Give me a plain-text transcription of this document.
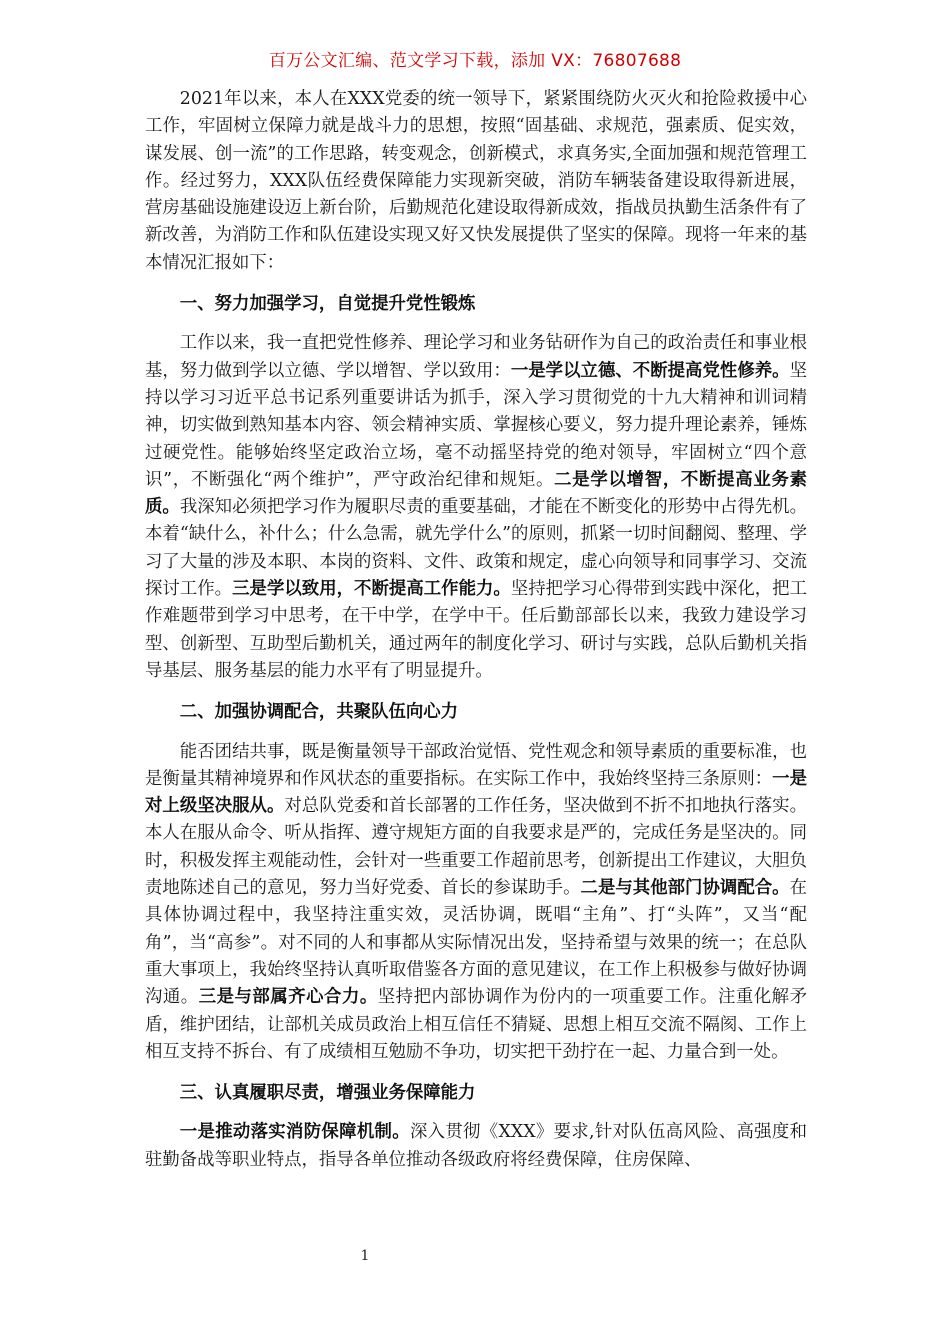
百万公文汇编、范文学习下载，添加 VX：76807688

2021年以来，本人在XXX党委的统一领导下，紧紧围绕防火灭火和抢险救援中心工作，牢固树立保障力就是战斗力的思想，按照“固基础、求规范，强素质、促实效，谋发展、创一流”的工作思路，转变观念，创新模式，求真务实,全面加强和规范管理工作。经过努力，XXX队伍经费保障能力实现新突破，消防车辆装备建设取得新进展，营房基础设施建设迈上新台阶，后勤规范化建设取得新成效，指战员执勤生活条件有了新改善，为消防工作和队伍建设实现又好又快发展提供了坚实的保障。现将一年来的基本情况汇报如下：

一、努力加强学习，自觉提升党性锻炼

工作以来，我一直把党性修养、理论学习和业务钻研作为自己的政治责任和事业根基，努力做到学以立德、学以增智、学以致用：一是学以立德、不断提高党性修养。坚持以学习习近平总书记系列重要讲话为抓手，深入学习贯彻党的十九大精神和训词精神，切实做到熟知基本内容、领会精神实质、掌握核心要义，努力提升理论素养，锤炼过硬党性。能够始终坚定政治立场，毫不动摇坚持党的绝对领导，牢固树立“四个意识”，不断强化“两个维护”，严守政治纪律和规矩。二是学以增智，不断提高业务素质。我深知必须把学习作为履职尽责的重要基础，才能在不断变化的形势中占得先机。本着“缺什么，补什么；什么急需，就先学什么”的原则，抓紧一切时间翻阅、整理、学习了大量的涉及本职、本岗的资料、文件、政策和规定，虚心向领导和同事学习、交流探讨工作。三是学以致用，不断提高工作能力。坚持把学习心得带到实践中深化，把工作难题带到学习中思考，在干中学，在学中干。任后勤部部长以来，我致力建设学习型、创新型、互助型后勤机关，通过两年的制度化学习、研讨与实践，总队后勤机关指导基层、服务基层的能力水平有了明显提升。

二、加强协调配合，共聚队伍向心力

能否团结共事，既是衡量领导干部政治觉悟、党性观念和领导素质的重要标准，也是衡量其精神境界和作风状态的重要指标。在实际工作中，我始终坚持三条原则：一是对上级坚决服从。对总队党委和首长部署的工作任务，坚决做到不折不扣地执行落实。本人在服从命令、听从指挥、遵守规矩方面的自我要求是严的，完成任务是坚决的。同时，积极发挥主观能动性，会针对一些重要工作超前思考，创新提出工作建议，大胆负责地陈述自己的意见，努力当好党委、首长的参谋助手。二是与其他部门协调配合。在具体协调过程中，我坚持注重实效，灵活协调，既唱“主角”、打“头阵”，又当“配角”，当“高参”。对不同的人和事都从实际情况出发，坚持希望与效果的统一；在总队重大事项上，我始终坚持认真听取借鉴各方面的意见建议，在工作上积极参与做好协调沟通。三是与部属齐心合力。坚持把内部协调作为份内的一项重要工作。注重化解矛盾，维护团结，让部机关成员政治上相互信任不猜疑、思想上相互交流不隔阂、工作上相互支持不拆台、有了成绩相互勉励不争功，切实把干劲拧在一起、力量合到一处。

三、认真履职尽责，增强业务保障能力

一是推动落实消防保障机制。深入贯彻《XXX》要求,针对队伍高风险、高强度和驻勤备战等职业特点，指导各单位推动各级政府将经费保障，住房保障、

1
